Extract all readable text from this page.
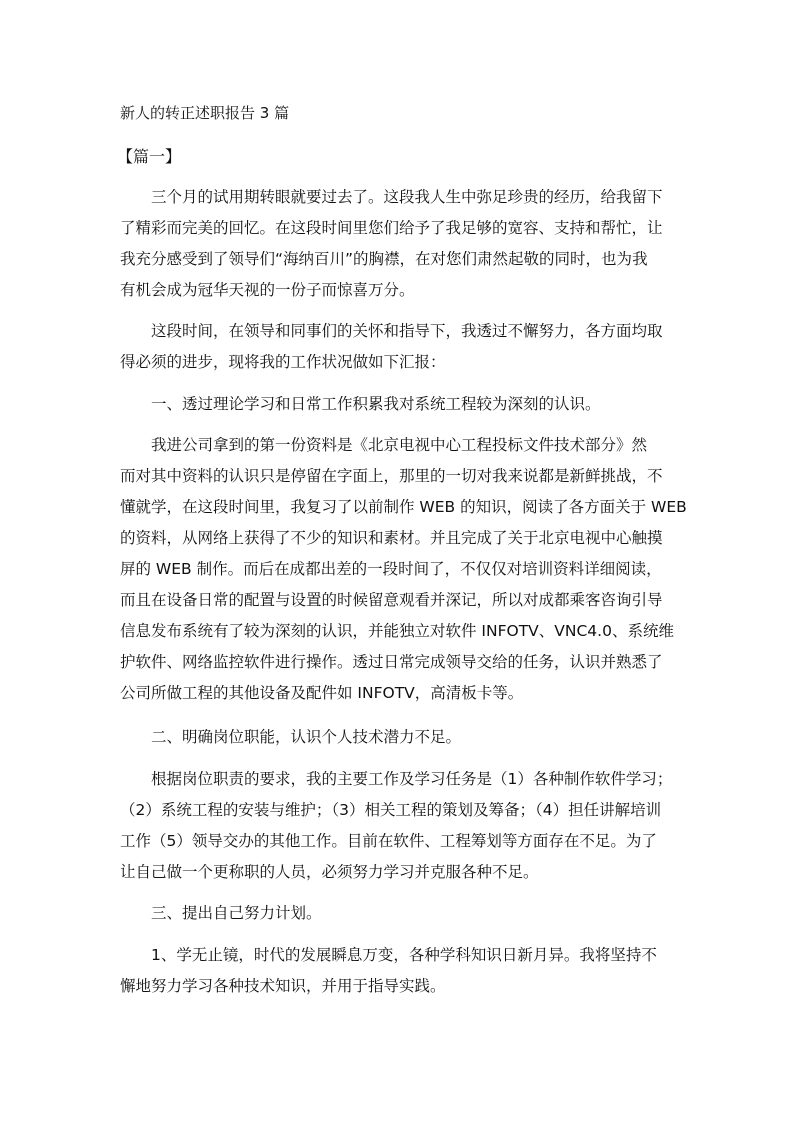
新人的转正述职报告 3 篇
【篇一】
三个月的试用期转眼就要过去了。这段我人生中弥足珍贵的经历，给我留下
了精彩而完美的回忆。在这段时间里您们给予了我足够的宽容、支持和帮忙，让
我充分感受到了领导们“海纳百川”的胸襟，在对您们肃然起敬的同时，也为我
有机会成为冠华天视的一份子而惊喜万分。
这段时间，在领导和同事们的关怀和指导下，我透过不懈努力，各方面均取
得必须的进步，现将我的工作状况做如下汇报：
一、透过理论学习和日常工作积累我对系统工程较为深刻的认识。
我进公司拿到的第一份资料是《北京电视中心工程投标文件技术部分》然
而对其中资料的认识只是停留在字面上，那里的一切对我来说都是新鲜挑战，不
懂就学，在这段时间里，我复习了以前制作 WEB 的知识，阅读了各方面关于 WEB
的资料，从网络上获得了不少的知识和素材。并且完成了关于北京电视中心触摸
屏的 WEB 制作。而后在成都出差的一段时间了，不仅仅对培训资料详细阅读，
而且在设备日常的配置与设置的时候留意观看并深记，所以对成都乘客咨询引导
信息发布系统有了较为深刻的认识，并能独立对软件 INFOTV、VNC4.0、系统维
护软件、网络监控软件进行操作。透过日常完成领导交给的任务，认识并熟悉了
公司所做工程的其他设备及配件如 INFOTV，高清板卡等。
二、明确岗位职能，认识个人技术潜力不足。
根据岗位职责的要求，我的主要工作及学习任务是（1）各种制作软件学习；
（2）系统工程的安装与维护；（3）相关工程的策划及筹备；（4）担任讲解培训
工作（5）领导交办的其他工作。目前在软件、工程筹划等方面存在不足。为了
让自己做一个更称职的人员，必须努力学习并克服各种不足。
三、提出自己努力计划。
1、学无止镜，时代的发展瞬息万变，各种学科知识日新月异。我将坚持不
懈地努力学习各种技术知识，并用于指导实践。
